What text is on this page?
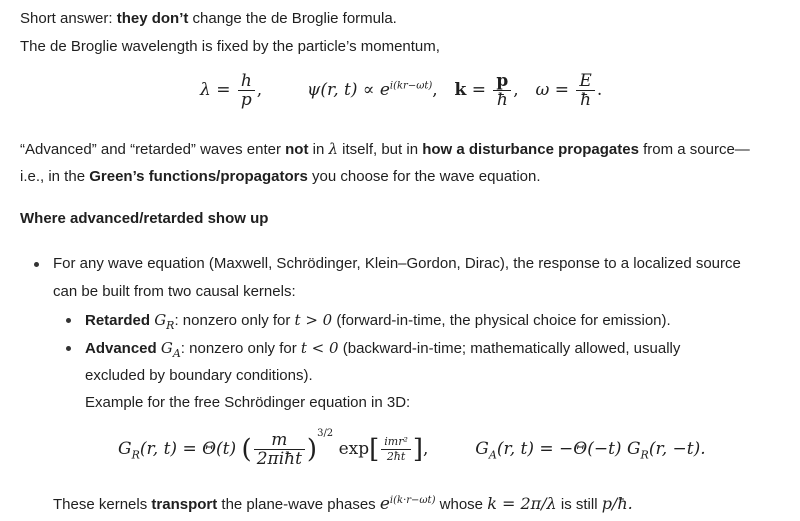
Short answer: they don’t change the de Broglie formula.
The de Broglie wavelength is fixed by the particle’s momentum,
$\lambda = \frac{h}{p}$ ,	ψ(r, $t) \propto e^{i(kr-\omega t)}$, $k = \frac{p}{ħ}$ , $\omega = \frac{E}{ħ}$ .
“Advanced” and “retarded” waves enter not in λ itself, but in how a disturbance propagates from a source—
i.e., in the Green’s functions/propagators you choose for the wave equation.
Where advanced/retarded show up
For any wave equation (Maxwell, Schrödinger, Klein–Gordon, Dirac), the response to a localized source
can be built from two causal kernels:
Retarded $G_R$: nonzero only for t > 0 (forward-in-time, the physical choice for emission).
Advanced $G_A$: nonzero only for t < 0 (backward-in-time; mathematically allowed, usually
excluded by boundary conditions).
Example for the free Schrödinger equation in 3D:
$G_R(r$, t) = Θ(t) ( $\frac{m}{\text{2πiħt}} )^{3/2}$ $\exp[ \frac{\text{imr²}}{2ħt}$ ],	$G_A(r$, t) = −Θ(−t) $G_R(r$, −t).
These kernels transport the plane-wave phases $e^{i(k\cdot r-\omega t)}$ whose k = 2π/λ is still p/ħ.
